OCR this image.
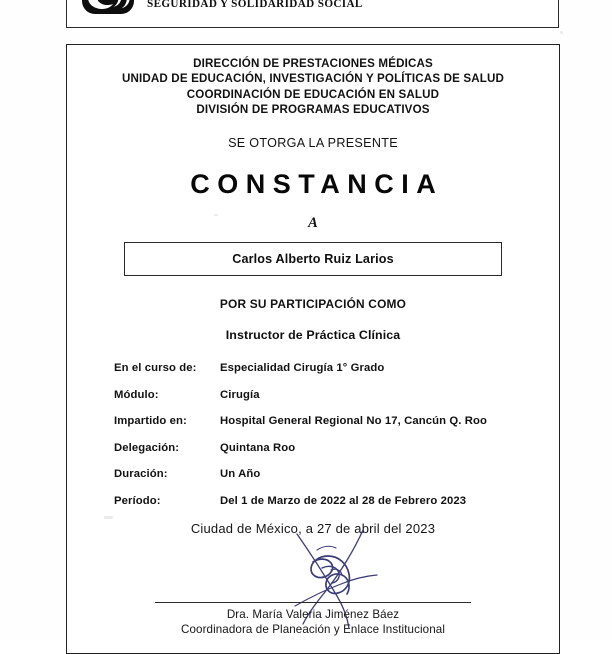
SEGURIDAD Y SOLIDARIDAD SOCIAL
DIRECCIÓN DE PRESTACIONES MÉDICAS
UNIDAD DE EDUCACIÓN, INVESTIGACIÓN Y POLÍTICAS DE SALUD
COORDINACIÓN DE EDUCACIÓN EN SALUD
DIVISIÓN DE PROGRAMAS EDUCATIVOS
SE OTORGA LA PRESENTE
CONSTANCIA
A
Carlos Alberto Ruiz Larios
POR SU PARTICIPACIÓN COMO
Instructor de Práctica Clínica
En el curso de:	Especialidad Cirugía 1° Grado
Módulo:	Cirugía
Impartido en:	Hospital General Regional No 17, Cancún Q. Roo
Delegación:	Quintana Roo
Duración:	Un Año
Período:	Del 1 de Marzo de 2022 al 28 de Febrero 2023
Ciudad de México, a 27 de abril del 2023
Dra. María Valeria Jiménez Báez
Coordinadora de Planeación y Enlace Institucional
